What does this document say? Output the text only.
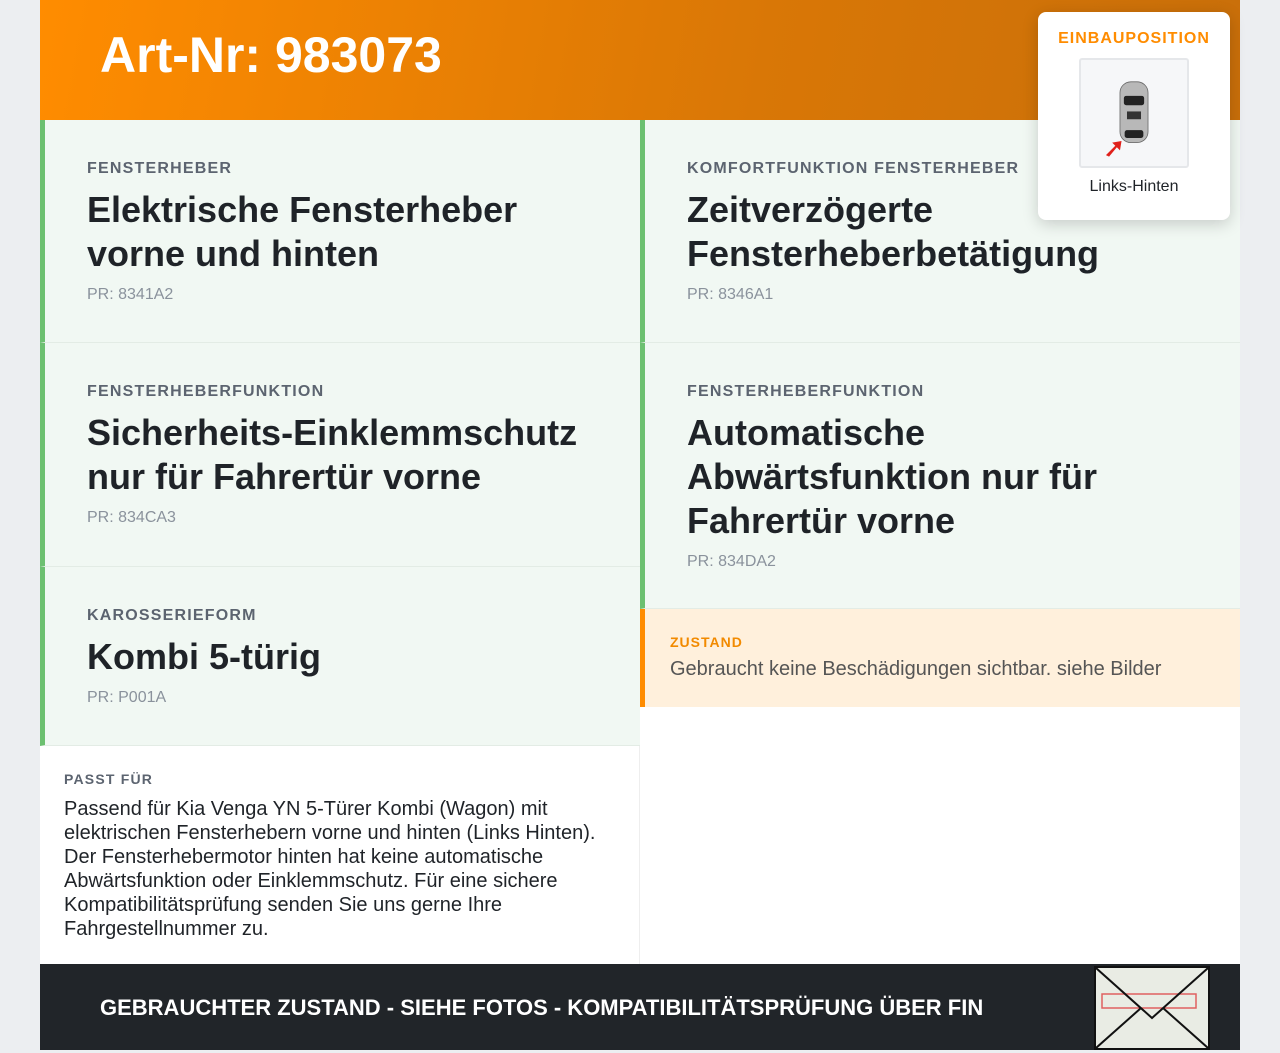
Art-Nr: 983073
FENSTERHEBER
Elektrische Fensterheber vorne und hinten
PR: 8341A2
KOMFORTFUNKTION FENSTERHEBER
Zeitverzögerte Fensterheberbetätigung
PR: 8346A1
FENSTERHEBERFUNKTION
Sicherheits-Einklemmschutz nur für Fahrertür vorne
PR: 834CA3
FENSTERHEBERFUNKTION
Automatische Abwärtsfunktion nur für Fahrertür vorne
PR: 834DA2
KAROSSERIEFORM
Kombi 5-türig
PR: P001A
ZUSTAND
Gebraucht keine Beschädigungen sichtbar. siehe Bilder
PASST FÜR
Passend für Kia Venga YN 5-Türer Kombi (Wagon) mit elektrischen Fensterhebern vorne und hinten (Links Hinten). Der Fensterhebermotor hinten hat keine automatische Abwärtsfunktion oder Einklemmschutz. Für eine sichere Kompatibilitätsprüfung senden Sie uns gerne Ihre Fahrgestellnummer zu.
GEBRAUCHTER ZUSTAND - SIEHE FOTOS - KOMPATIBILITÄTSPRÜFUNG ÜBER FIN
EINBAUPOSITION
Links-Hinten
